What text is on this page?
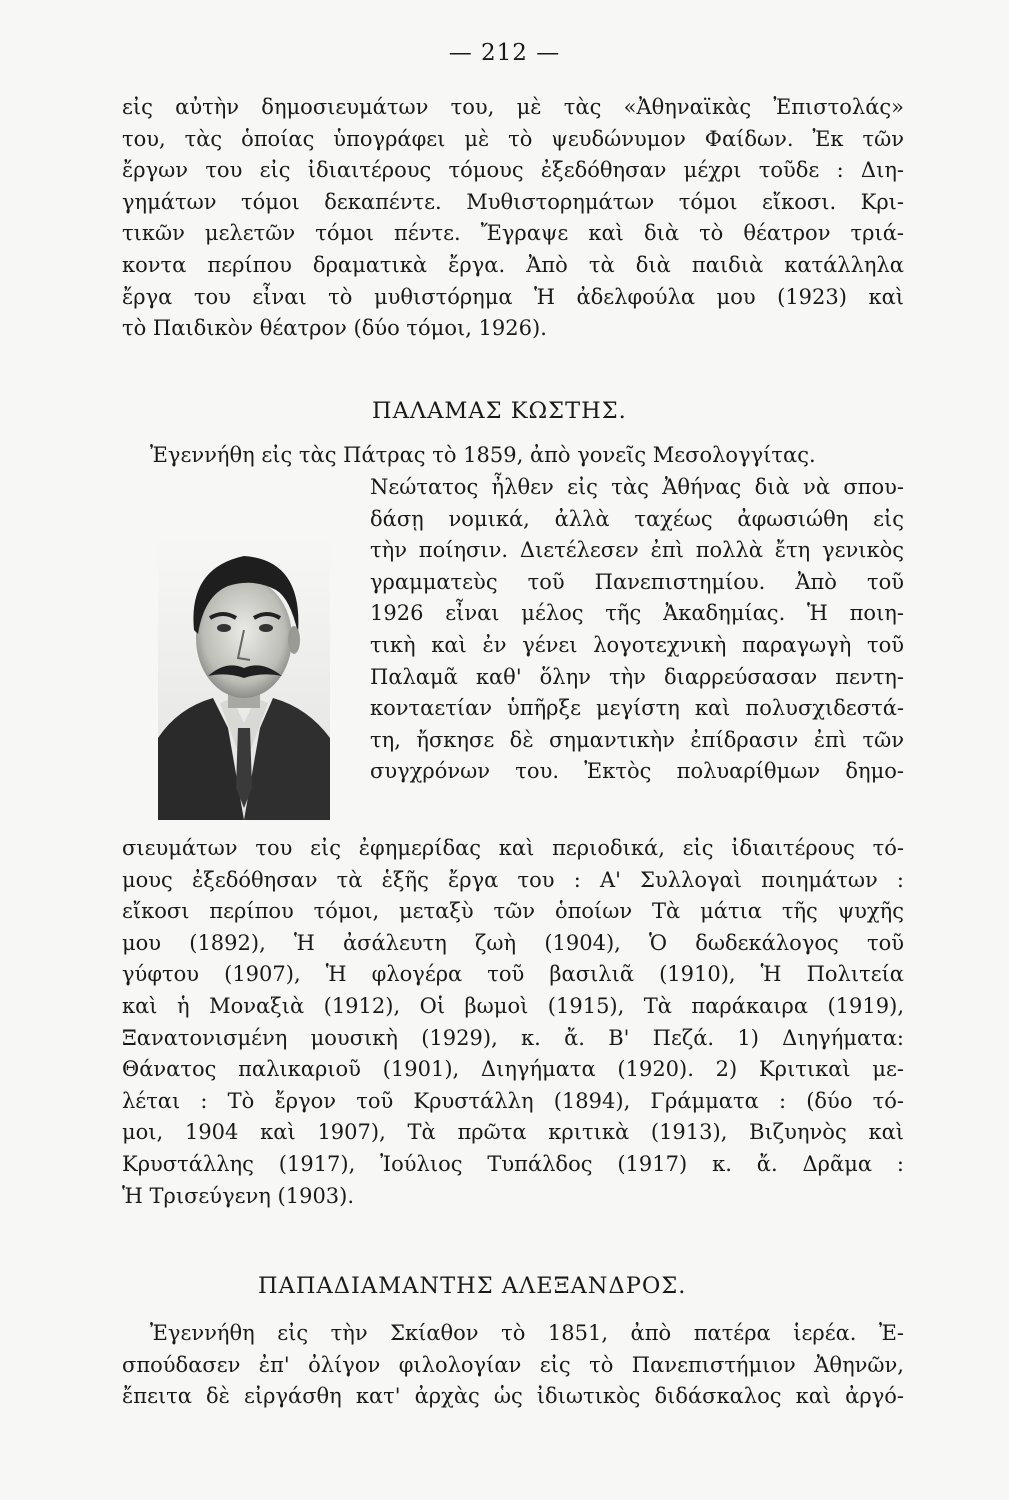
— 212 —
εἰς αὐτὴν δημοσιευμάτων του, μὲ τὰς «Ἀθηναϊκὰς Ἐπιστολάς»
του, τὰς ὁποίας ὑπογράφει μὲ τὸ ψευδώνυμον Φαίδων. Ἐκ τῶν
ἔργων του εἰς ἰδιαιτέρους τόμους ἐξεδόθησαν μέχρι τοῦδε : Διη-
γημάτων τόμοι δεκαπέντε. Μυθιστορημάτων τόμοι εἴκοσι. Κρι-
τικῶν μελετῶν τόμοι πέντε. Ἔγραψε καὶ διὰ τὸ θέατρον τριά-
κοντα περίπου δραματικὰ ἔργα. Ἀπὸ τὰ διὰ παιδιὰ κατάλληλα
ἔργα του εἶναι τὸ μυθιστόρημα Ἡ ἀδελφούλα μου (1923) καὶ
τὸ Παιδικὸν θέατρον (δύο τόμοι, 1926).
ΠΑΛΑΜΑΣ ΚΩΣΤΗΣ.
Ἐγεννήθη εἰς τὰς Πάτρας τὸ 1859, ἀπὸ γονεῖς Μεσολογγίτας.
Νεώτατος ἦλθεν εἰς τὰς Ἀθήνας διὰ νὰ σπου-
δάσῃ νομικά, ἀλλὰ ταχέως ἀφωσιώθη εἰς
τὴν ποίησιν. Διετέλεσεν ἐπὶ πολλὰ ἔτη γενικὸς
γραμματεὺς τοῦ Πανεπιστημίου. Ἀπὸ τοῦ
1926 εἶναι μέλος τῆς Ἀκαδημίας. Ἡ ποιη-
τικὴ καὶ ἐν γένει λογοτεχνικὴ παραγωγὴ τοῦ
Παλαμᾶ καθ' ὅλην τὴν διαρρεύσασαν πεντη-
κονταετίαν ὑπῆρξε μεγίστη καὶ πολυσχιδεστά-
τη, ἤσκησε δὲ σημαντικὴν ἐπίδρασιν ἐπὶ τῶν
συγχρόνων του. Ἐκτὸς πολυαρίθμων δημο-
σιευμάτων του εἰς ἐφημερίδας καὶ περιοδικά, εἰς ἰδιαιτέρους τό-
μους ἐξεδόθησαν τὰ ἑξῆς ἔργα του : Α' Συλλογαὶ ποιημάτων :
εἴκοσι περίπου τόμοι, μεταξὺ τῶν ὁποίων Τὰ μάτια τῆς ψυχῆς
μου (1892), Ἡ ἀσάλευτη ζωὴ (1904), Ὁ δωδεκάλογος τοῦ
γύφτου (1907), Ἡ φλογέρα τοῦ βασιλιᾶ (1910), Ἡ Πολιτεία
καὶ ἡ Μοναξιὰ (1912), Οἱ βωμοὶ (1915), Τὰ παράκαιρα (1919),
Ξανατονισμένη μουσικὴ (1929), κ. ἄ. Β' Πεζά. 1) Διηγήματα:
Θάνατος παλικαριοῦ (1901), Διηγήματα (1920). 2) Κριτικαὶ με-
λέται : Τὸ ἔργον τοῦ Κρυστάλλη (1894), Γράμματα : (δύο τό-
μοι, 1904 καὶ 1907), Τὰ πρῶτα κριτικὰ (1913), Βιζυηνὸς καὶ
Κρυστάλλης (1917), Ἰούλιος Τυπάλδος (1917) κ. ἄ. Δρᾶμα :
Ἡ Τρισεύγενη (1903).
ΠΑΠΑΔΙΑΜΑΝΤΗΣ ΑΛΕΞΑΝΔΡΟΣ.
Ἐγεννήθη εἰς τὴν Σκίαθον τὸ 1851, ἀπὸ πατέρα ἱερέα. Ἐ-
σπούδασεν ἐπ' ὀλίγον φιλολογίαν εἰς τὸ Πανεπιστήμιον Ἀθηνῶν,
ἔπειτα δὲ εἰργάσθη κατ' ἀρχὰς ὡς ἰδιωτικὸς διδάσκαλος καὶ ἀργό-
